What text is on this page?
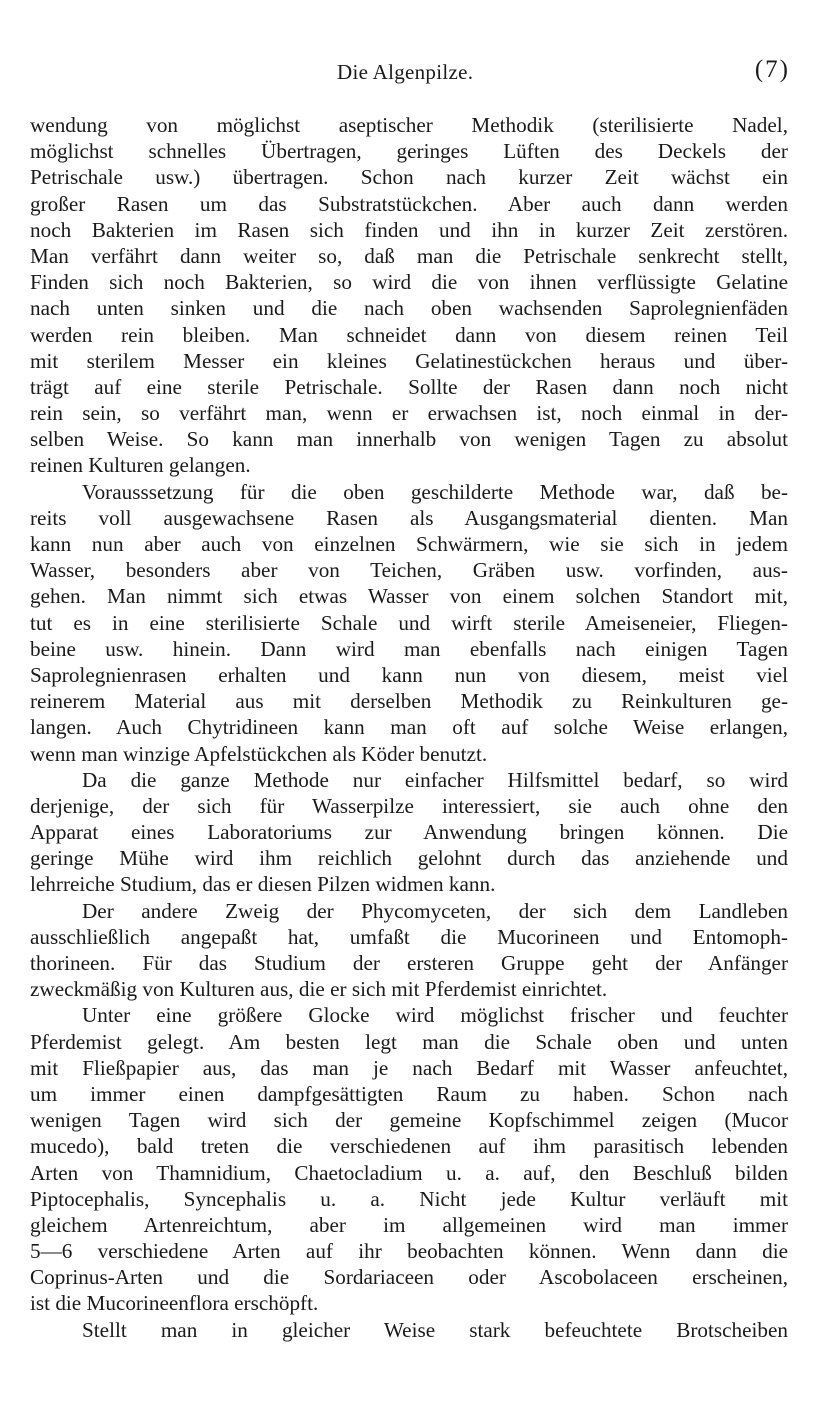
Die Algenpilze.	(7)
wendung von möglichst aseptischer Methodik (sterilisierte Nadel,
möglichst schnelles Übertragen, geringes Lüften des Deckels der
Petrischale usw.) übertragen. Schon nach kurzer Zeit wächst ein
großer Rasen um das Substratstückchen. Aber auch dann werden
noch Bakterien im Rasen sich finden und ihn in kurzer Zeit zerstören.
Man verfährt dann weiter so, daß man die Petrischale senkrecht stellt,
Finden sich noch Bakterien, so wird die von ihnen verflüssigte Gelatine
nach unten sinken und die nach oben wachsenden Saprolegnienfäden
werden rein bleiben. Man schneidet dann von diesem reinen Teil
mit sterilem Messer ein kleines Gelatinestückchen heraus und über-
trägt auf eine sterile Petrischale. Sollte der Rasen dann noch nicht
rein sein, so verfährt man, wenn er erwachsen ist, noch einmal in der-
selben Weise. So kann man innerhalb von wenigen Tagen zu absolut
reinen Kulturen gelangen.
Vorausssetzung für die oben geschilderte Methode war, daß be-
reits voll ausgewachsene Rasen als Ausgangsmaterial dienten. Man
kann nun aber auch von einzelnen Schwärmern, wie sie sich in jedem
Wasser, besonders aber von Teichen, Gräben usw. vorfinden, aus-
gehen. Man nimmt sich etwas Wasser von einem solchen Standort mit,
tut es in eine sterilisierte Schale und wirft sterile Ameiseneier, Fliegen-
beine usw. hinein. Dann wird man ebenfalls nach einigen Tagen
Saprolegnienrasen erhalten und kann nun von diesem, meist viel
reinerem Material aus mit derselben Methodik zu Reinkulturen ge-
langen. Auch Chytridineen kann man oft auf solche Weise erlangen,
wenn man winzige Apfelstückchen als Köder benutzt.
Da die ganze Methode nur einfacher Hilfsmittel bedarf, so wird
derjenige, der sich für Wasserpilze interessiert, sie auch ohne den
Apparat eines Laboratoriums zur Anwendung bringen können. Die
geringe Mühe wird ihm reichlich gelohnt durch das anziehende und
lehrreiche Studium, das er diesen Pilzen widmen kann.
Der andere Zweig der Phycomyceten, der sich dem Landleben
ausschließlich angepaßt hat, umfaßt die Mucorineen und Entomoph-
thorineen. Für das Studium der ersteren Gruppe geht der Anfänger
zweckmäßig von Kulturen aus, die er sich mit Pferdemist einrichtet.
Unter eine größere Glocke wird möglichst frischer und feuchter
Pferdemist gelegt. Am besten legt man die Schale oben und unten
mit Fließpapier aus, das man je nach Bedarf mit Wasser anfeuchtet,
um immer einen dampfgesättigten Raum zu haben. Schon nach
wenigen Tagen wird sich der gemeine Kopfschimmel zeigen (Mucor
mucedo), bald treten die verschiedenen auf ihm parasitisch lebenden
Arten von Thamnidium, Chaetocladium u. a. auf, den Beschluß bilden
Piptocephalis, Syncephalis u. a. Nicht jede Kultur verläuft mit
gleichem Artenreichtum, aber im allgemeinen wird man immer
5—6 verschiedene Arten auf ihr beobachten können. Wenn dann die
Coprinus-Arten und die Sordariaceen oder Ascobolaceen erscheinen,
ist die Mucorineenflora erschöpft.
Stellt man in gleicher Weise stark befeuchtete Brotscheiben
